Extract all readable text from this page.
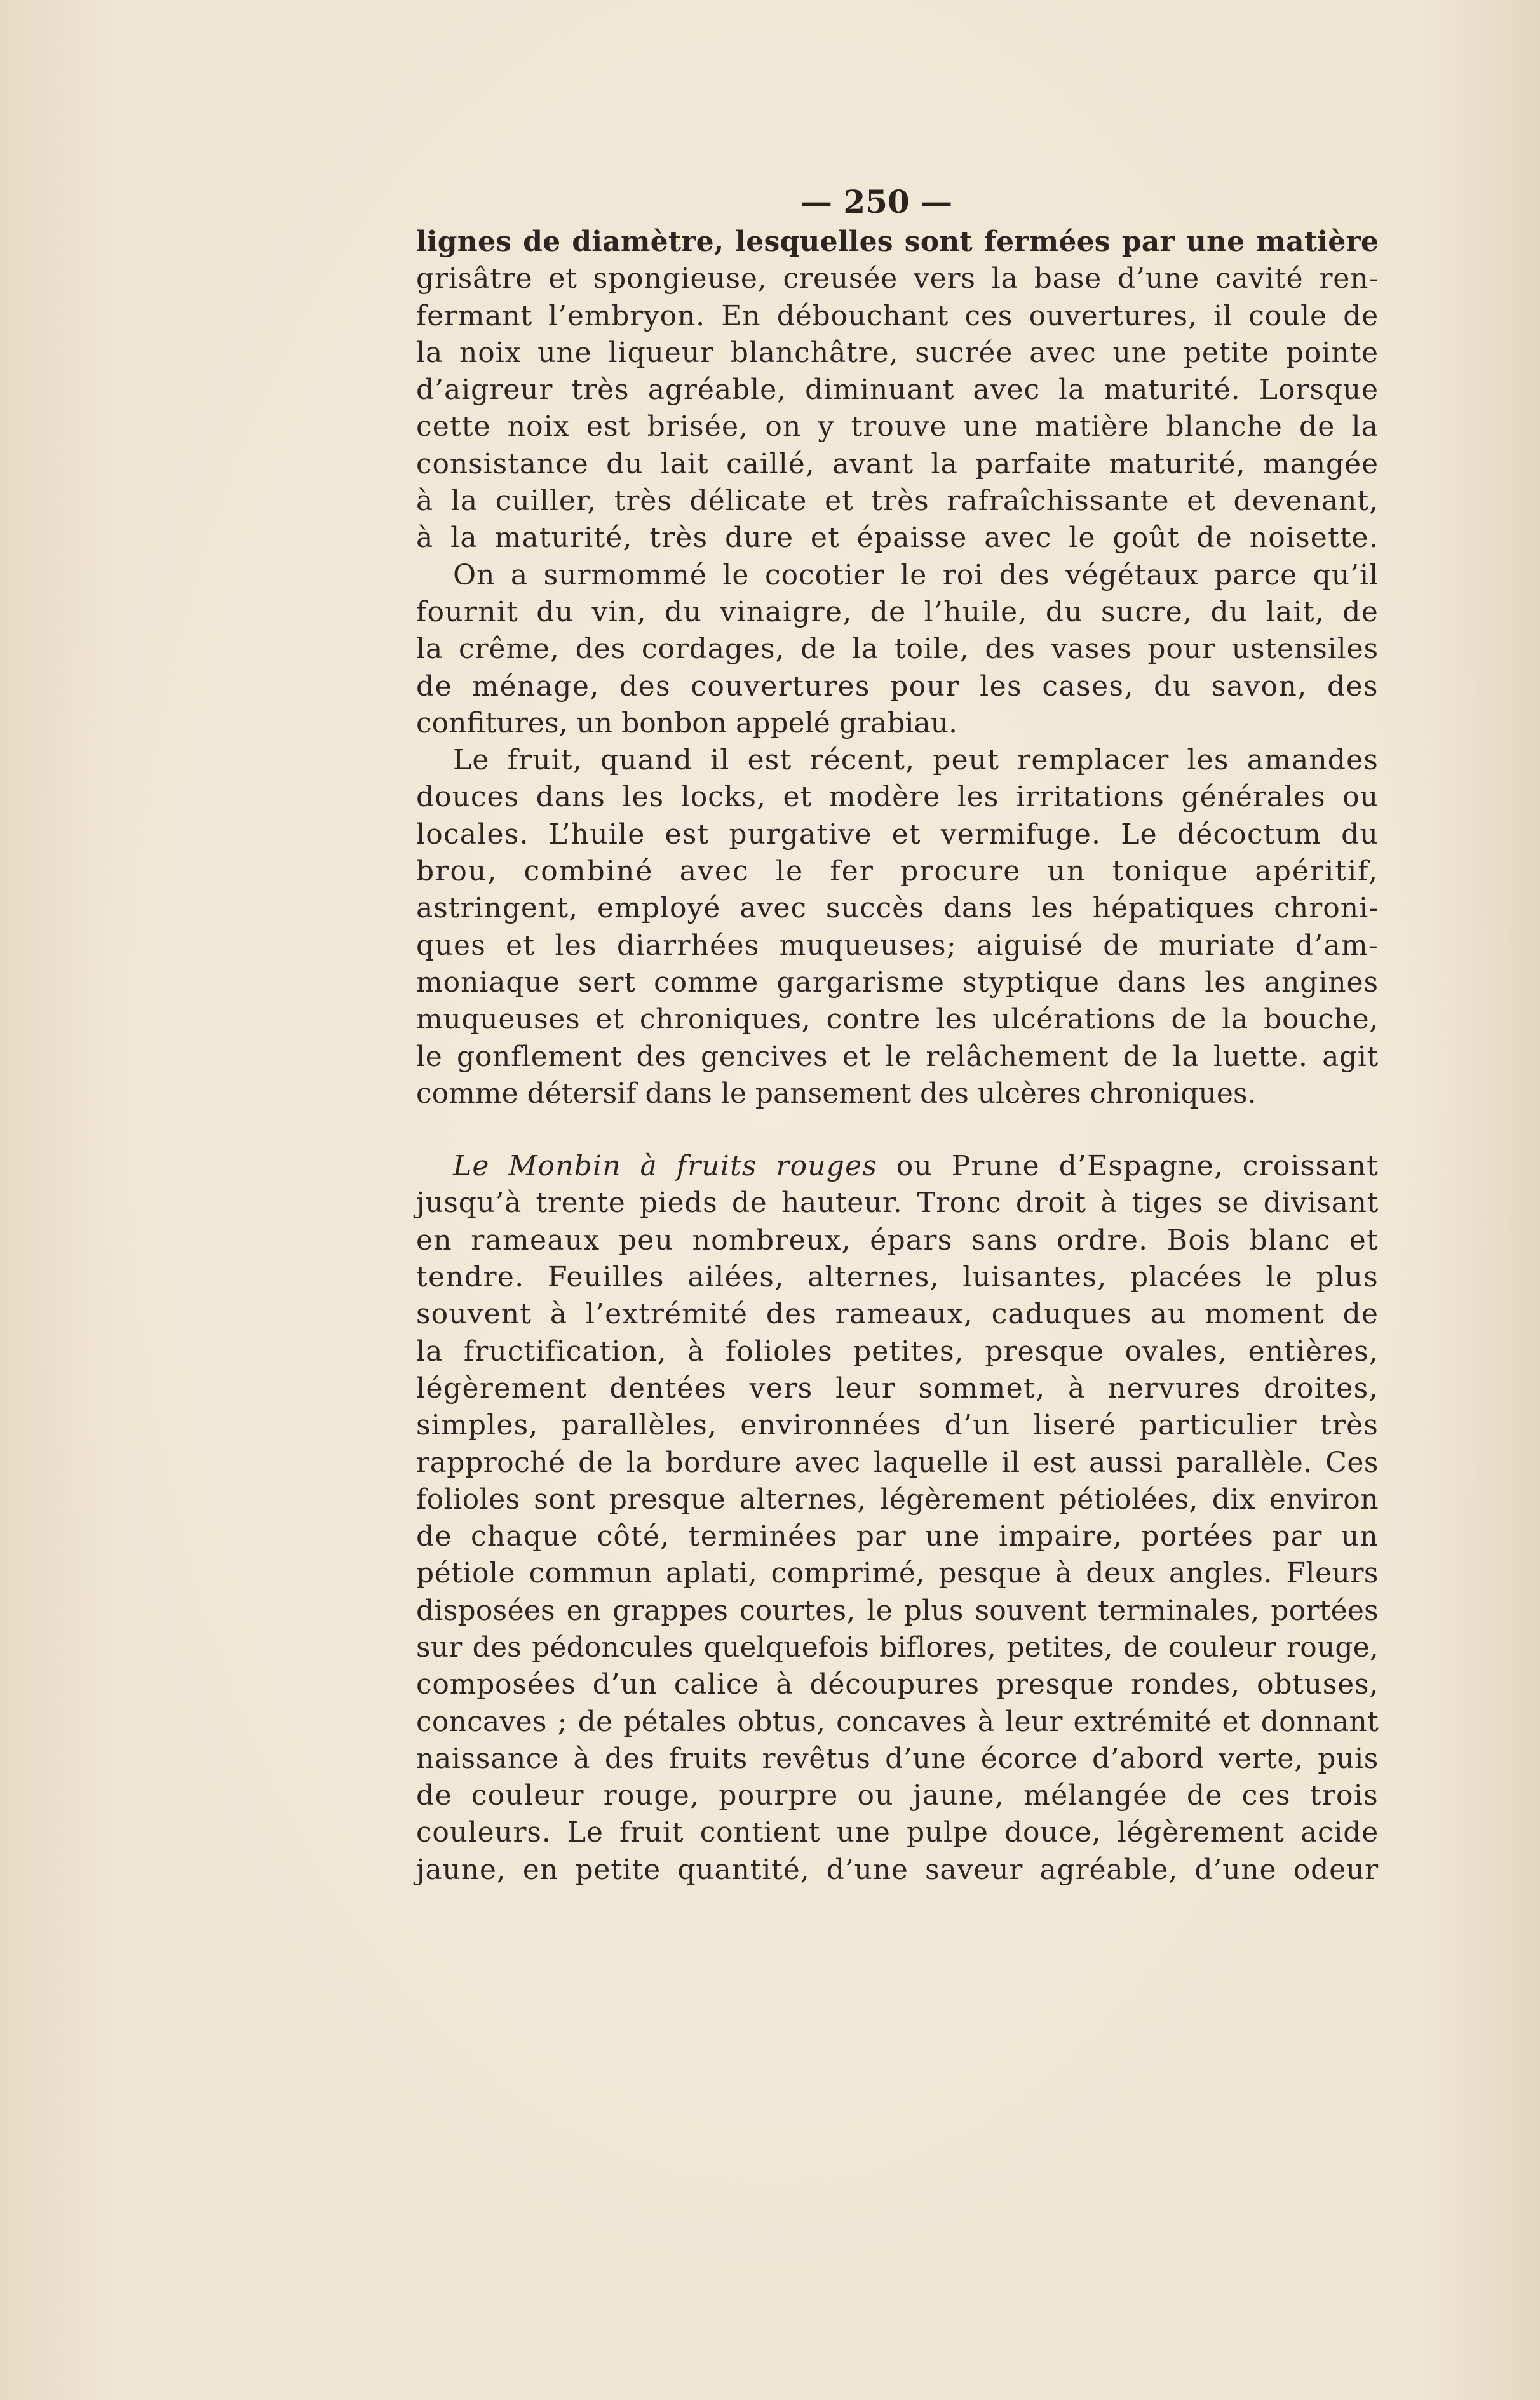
— 250 —
lignes de diamètre, lesquelles sont fermées par une matière
grisâtre et spongieuse, creusée vers la base d’une cavité ren-
fermant l’embryon. En débouchant ces ouvertures, il coule de
la noix une liqueur blanchâtre, sucrée avec une petite pointe
d’aigreur très agréable, diminuant avec la maturité. Lorsque
cette noix est brisée, on y trouve une matière blanche de la
consistance du lait caillé, avant la parfaite maturité, mangée
à la cuiller, très délicate et très rafraîchissante et devenant,
à la maturité, très dure et épaisse avec le goût de noisette.
On a surmommé le cocotier le roi des végétaux parce qu’il
fournit du vin, du vinaigre, de l’huile, du sucre, du lait, de
la crême, des cordages, de la toile, des vases pour ustensiles
de ménage, des couvertures pour les cases, du savon, des
confitures, un bonbon appelé grabiau.
Le fruit, quand il est récent, peut remplacer les amandes
douces dans les locks, et modère les irritations générales ou
locales. L’huile est purgative et vermifuge. Le décoctum du
brou, combiné avec le fer procure un tonique apéritif,
astringent, employé avec succès dans les hépatiques chroni-
ques et les diarrhées muqueuses; aiguisé de muriate d’am-
moniaque sert comme gargarisme styptique dans les angines
muqueuses et chroniques, contre les ulcérations de la bouche,
le gonflement des gencives et le relâchement de la luette. agit
comme détersif dans le pansement des ulcères chroniques.
Le Monbin à fruits rouges ou Prune d’Espagne, croissant
jusqu’à trente pieds de hauteur. Tronc droit à tiges se divisant
en rameaux peu nombreux, épars sans ordre. Bois blanc et
tendre. Feuilles ailées, alternes, luisantes, placées le plus
souvent à l’extrémité des rameaux, caduques au moment de
la fructification, à folioles petites, presque ovales, entières,
légèrement dentées vers leur sommet, à nervures droites,
simples, parallèles, environnées d’un liseré particulier très
rapproché de la bordure avec laquelle il est aussi parallèle. Ces
folioles sont presque alternes, légèrement pétiolées, dix environ
de chaque côté, terminées par une impaire, portées par un
pétiole commun aplati, comprimé, pesque à deux angles. Fleurs
disposées en grappes courtes, le plus souvent terminales, portées
sur des pédoncules quelquefois biflores, petites, de couleur rouge,
composées d’un calice à découpures presque rondes, obtuses,
concaves ; de pétales obtus, concaves à leur extrémité et donnant
naissance à des fruits revêtus d’une écorce d’abord verte, puis
de couleur rouge, pourpre ou jaune, mélangée de ces trois
couleurs. Le fruit contient une pulpe douce, légèrement acide
jaune, en petite quantité, d’une saveur agréable, d’une odeur
